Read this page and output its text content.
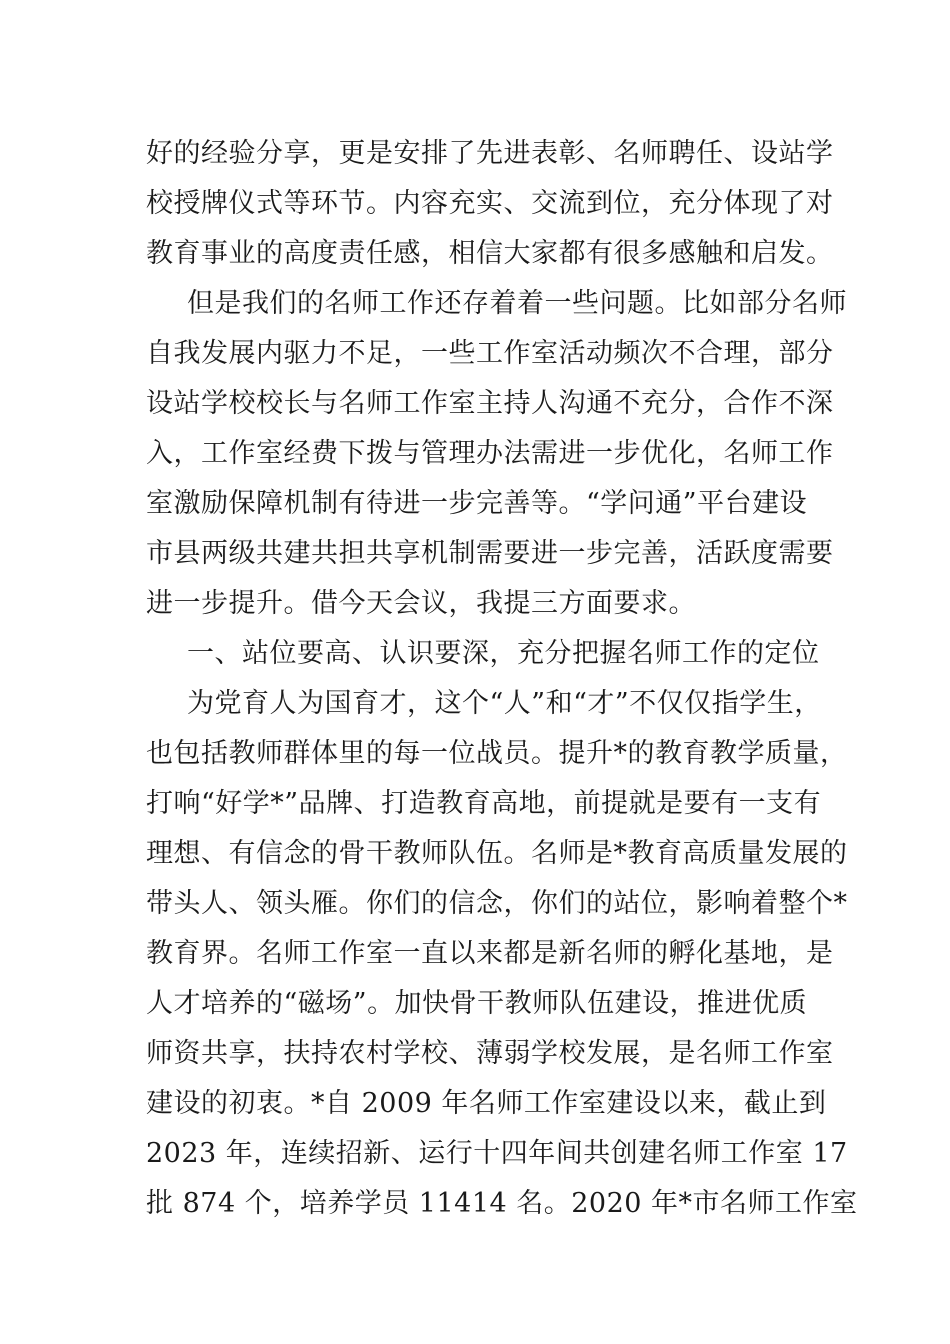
好的经验分享，更是安排了先进表彰、名师聘任、设站学
校授牌仪式等环节。内容充实、交流到位，充分体现了对
教育事业的高度责任感，相信大家都有很多感触和启发。
但是我们的名师工作还存着着一些问题。比如部分名师
自我发展内驱力不足，一些工作室活动频次不合理，部分
设站学校校长与名师工作室主持人沟通不充分，合作不深
入，工作室经费下拨与管理办法需进一步优化，名师工作
室激励保障机制有待进一步完善等。“学问通”平台建设
市县两级共建共担共享机制需要进一步完善，活跃度需要
进一步提升。借今天会议，我提三方面要求。
一、站位要高、认识要深，充分把握名师工作的定位
为党育人为国育才，这个“人”和“才”不仅仅指学生，
也包括教师群体里的每一位战员。提升*的教育教学质量，
打响“好学*”品牌、打造教育高地，前提就是要有一支有
理想、有信念的骨干教师队伍。名师是*教育高质量发展的
带头人、领头雁。你们的信念，你们的站位，影响着整个*
教育界。名师工作室一直以来都是新名师的孵化基地，是
人才培养的“磁场”。加快骨干教师队伍建设，推进优质
师资共享，扶持农村学校、薄弱学校发展，是名师工作室
建设的初衷。*自 2009 年名师工作室建设以来，截止到
2023 年，连续招新、运行十四年间共创建名师工作室 17
批 874 个，培养学员 11414 名。2020 年*市名师工作室
